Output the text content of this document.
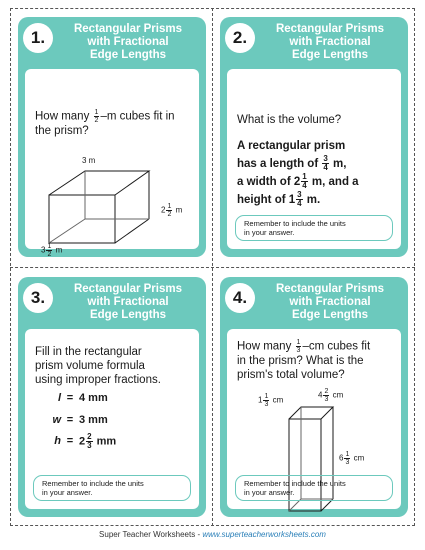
1.	Rectangular Prisms
with Fractional
Edge Lengths
How many $\frac{1}{2} -m$ cubes fit in
the prism?
3 m
$2 \frac{1}{2}$ m
$3 \frac{1}{2}$ m
2.	Rectangular Prisms
with Fractional
Edge Lengths
What is the volume?
A rectangular prism
has a length of $\frac{3}{4} m$,
a width of $2 \frac{1}{4} m$, and a
height of $1 \frac{3}{4} m$.
Remember to include the units
in your answer.
3.	Rectangular Prisms
with Fractional
Edge Lengths
Fill in the rectangular
prism volume formula
using improper fractions.
l = 4 mm
w = 3 mm
$h = 2 \frac{2}{3}$ mm
Remember to include the units
in your answer.
4.	Rectangular Prisms
with Fractional
Edge Lengths
How many $\frac{1}{3} -cm$ cubes fit
in the prism? What is the
prism's total volume?
$1 \frac{1}{3}$ cm
$4 \frac{2}{3}$ cm
$6 \frac{1}{3}$ cm
Remember to include the units
in your answer.
Super Teacher Worksheets - www.superteacherworksheets.com
